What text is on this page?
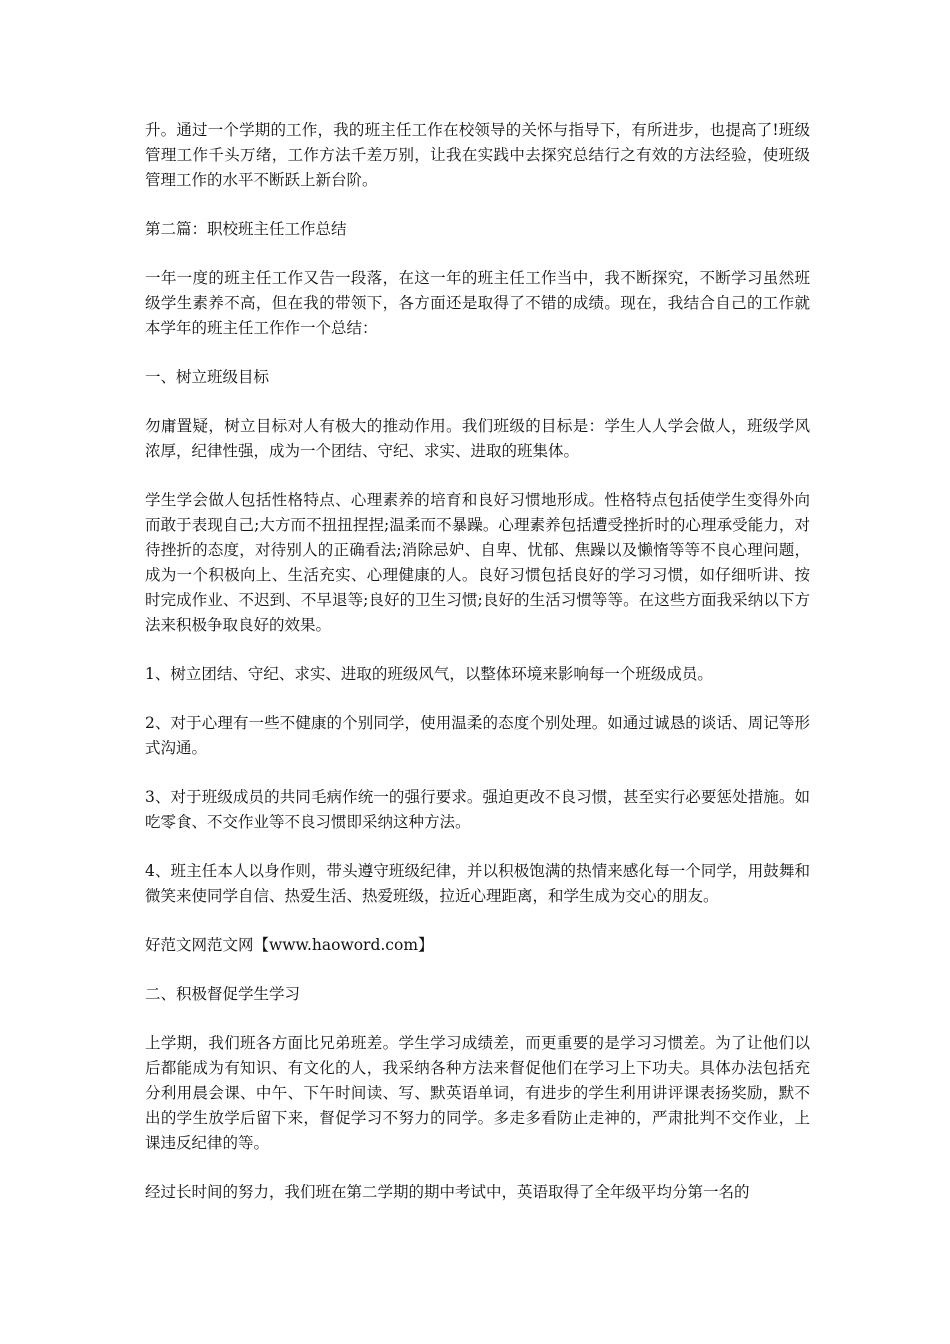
升。通过一个学期的工作，我的班主任工作在校领导的关怀与指导下，有所进步，也提高了!班级管理工作千头万绪，工作方法千差万别，让我在实践中去探究总结行之有效的方法经验，使班级管理工作的水平不断跃上新台阶。

第二篇：职校班主任工作总结

一年一度的班主任工作又告一段落，在这一年的班主任工作当中，我不断探究，不断学习虽然班级学生素养不高，但在我的带领下，各方面还是取得了不错的成绩。现在，我结合自己的工作就本学年的班主任工作作一个总结：

一、树立班级目标

勿庸置疑，树立目标对人有极大的推动作用。我们班级的目标是：学生人人学会做人，班级学风浓厚，纪律性强，成为一个团结、守纪、求实、进取的班集体。

学生学会做人包括性格特点、心理素养的培育和良好习惯地形成。性格特点包括使学生变得外向而敢于表现自己;大方而不扭扭捏捏;温柔而不暴躁。心理素养包括遭受挫折时的心理承受能力，对待挫折的态度，对待别人的正确看法;消除忌妒、自卑、忧郁、焦躁以及懒惰等等不良心理问题，成为一个积极向上、生活充实、心理健康的人。良好习惯包括良好的学习习惯，如仔细听讲、按时完成作业、不迟到、不早退等;良好的卫生习惯;良好的生活习惯等等。在这些方面我采纳以下方法来积极争取良好的效果。

1、树立团结、守纪、求实、进取的班级风气，以整体环境来影响每一个班级成员。

2、对于心理有一些不健康的个别同学，使用温柔的态度个别处理。如通过诚恳的谈话、周记等形式沟通。

3、对于班级成员的共同毛病作统一的强行要求。强迫更改不良习惯，甚至实行必要惩处措施。如吃零食、不交作业等不良习惯即采纳这种方法。

4、班主任本人以身作则，带头遵守班级纪律，并以积极饱满的热情来感化每一个同学，用鼓舞和微笑来使同学自信、热爱生活、热爱班级，拉近心理距离，和学生成为交心的朋友。

好范文网范文网【www.haoword.com】

二、积极督促学生学习

上学期，我们班各方面比兄弟班差。学生学习成绩差，而更重要的是学习习惯差。为了让他们以后都能成为有知识、有文化的人，我采纳各种方法来督促他们在学习上下功夫。具体办法包括充分利用晨会课、中午、下午时间读、写、默英语单词，有进步的学生利用讲评课表扬奖励，默不出的学生放学后留下来，督促学习不努力的同学。多走多看防止走神的，严肃批判不交作业，上课违反纪律的等。

经过长时间的努力，我们班在第二学期的期中考试中，英语取得了全年级平均分第一名的
